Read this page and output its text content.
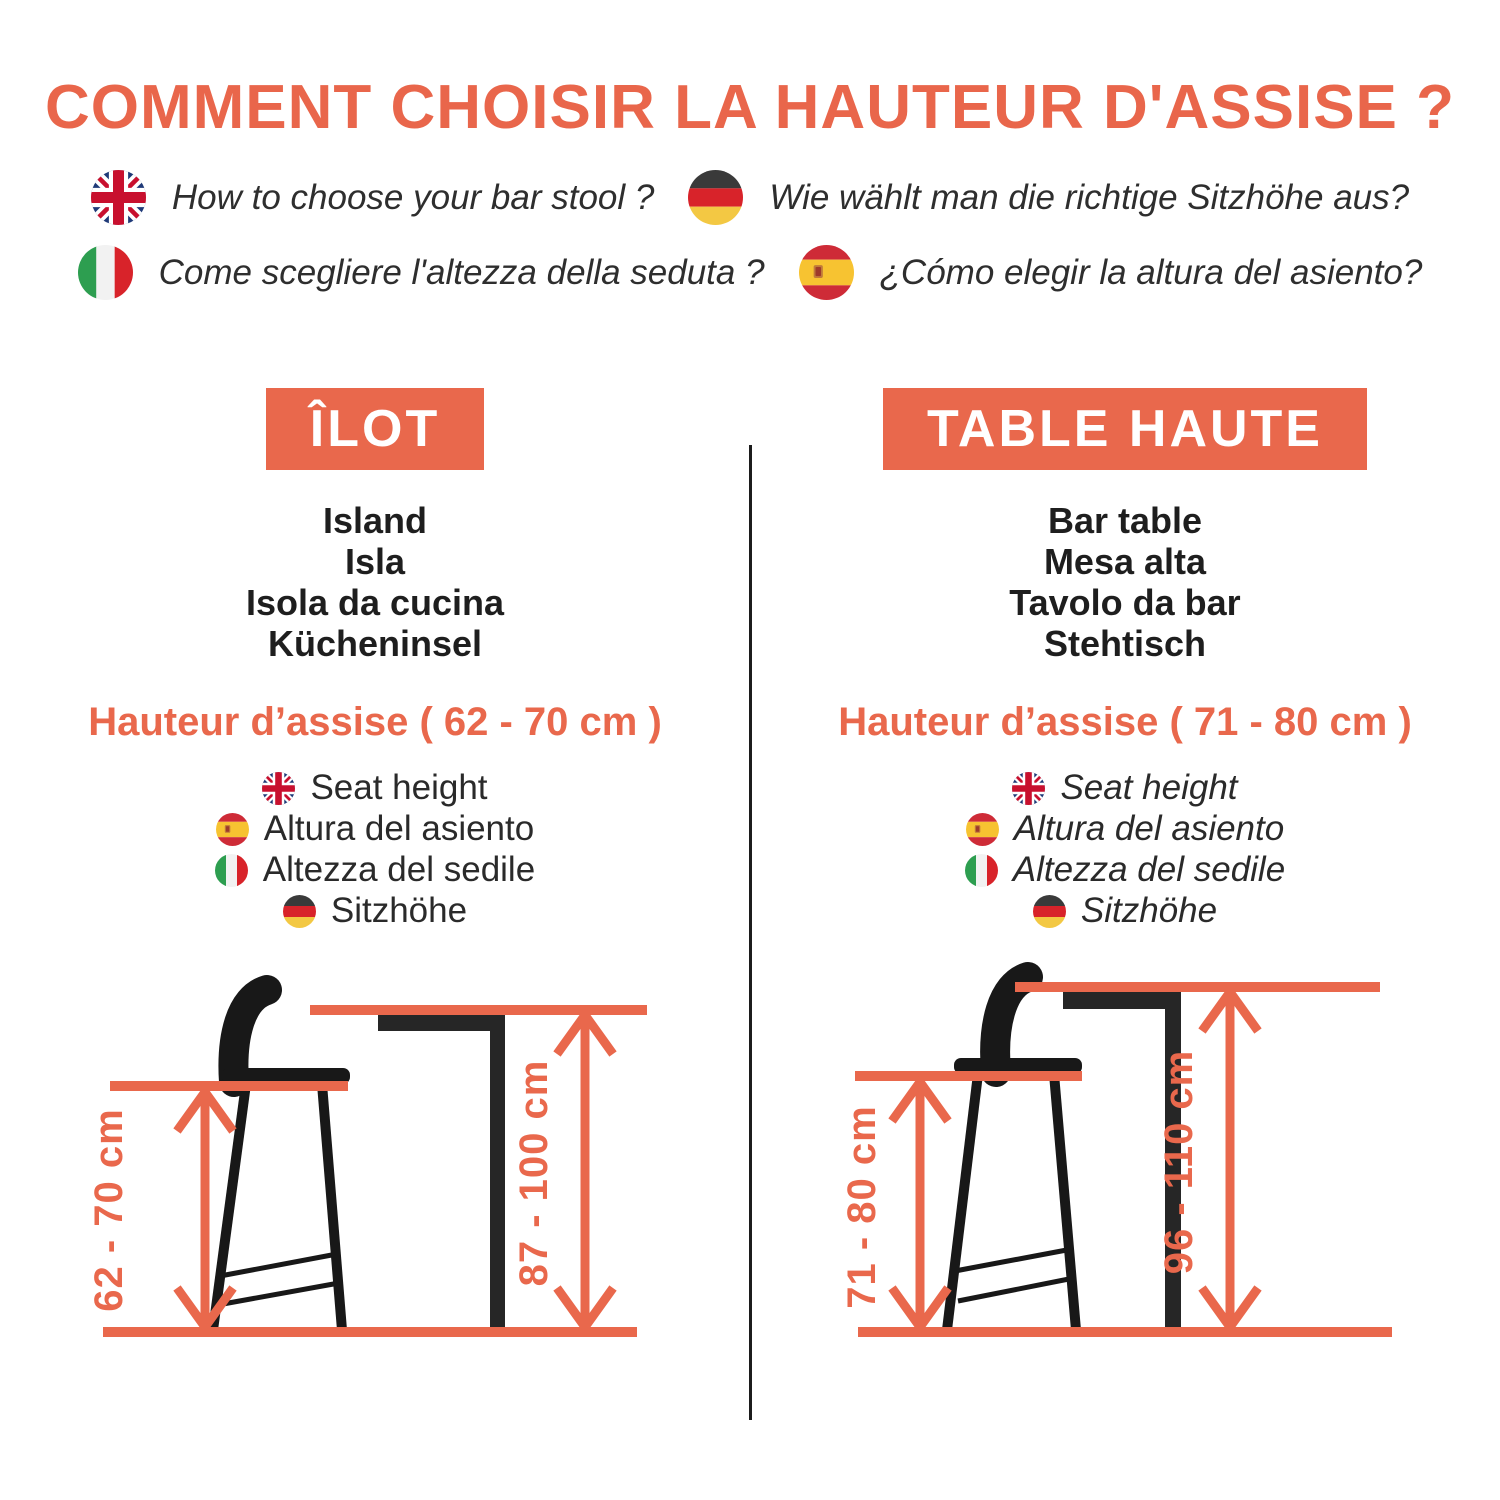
COMMENT CHOISIR LA HAUTEUR D'ASSISE ?
How to choose your bar stool ?	Wie wählt man die richtige Sitzhöhe aus?
Come scegliere l'altezza della seduta ?	¿Cómo elegir la altura del asiento?
ÎLOT
Island
Isla
Isola da cucina
Kücheninsel
Hauteur d’assise ( 62 - 70 cm )
Seat height
Altura del asiento
Altezza del sedile
Sitzhöhe
TABLE HAUTE
Bar table
Mesa alta
Tavolo da bar
Stehtisch
Hauteur d’assise ( 71 - 80 cm )
Seat height
Altura del asiento
Altezza del sedile
Sitzhöhe
62 - 70 cm	87 - 100 cm	71 - 80 cm	96 - 110 cm
